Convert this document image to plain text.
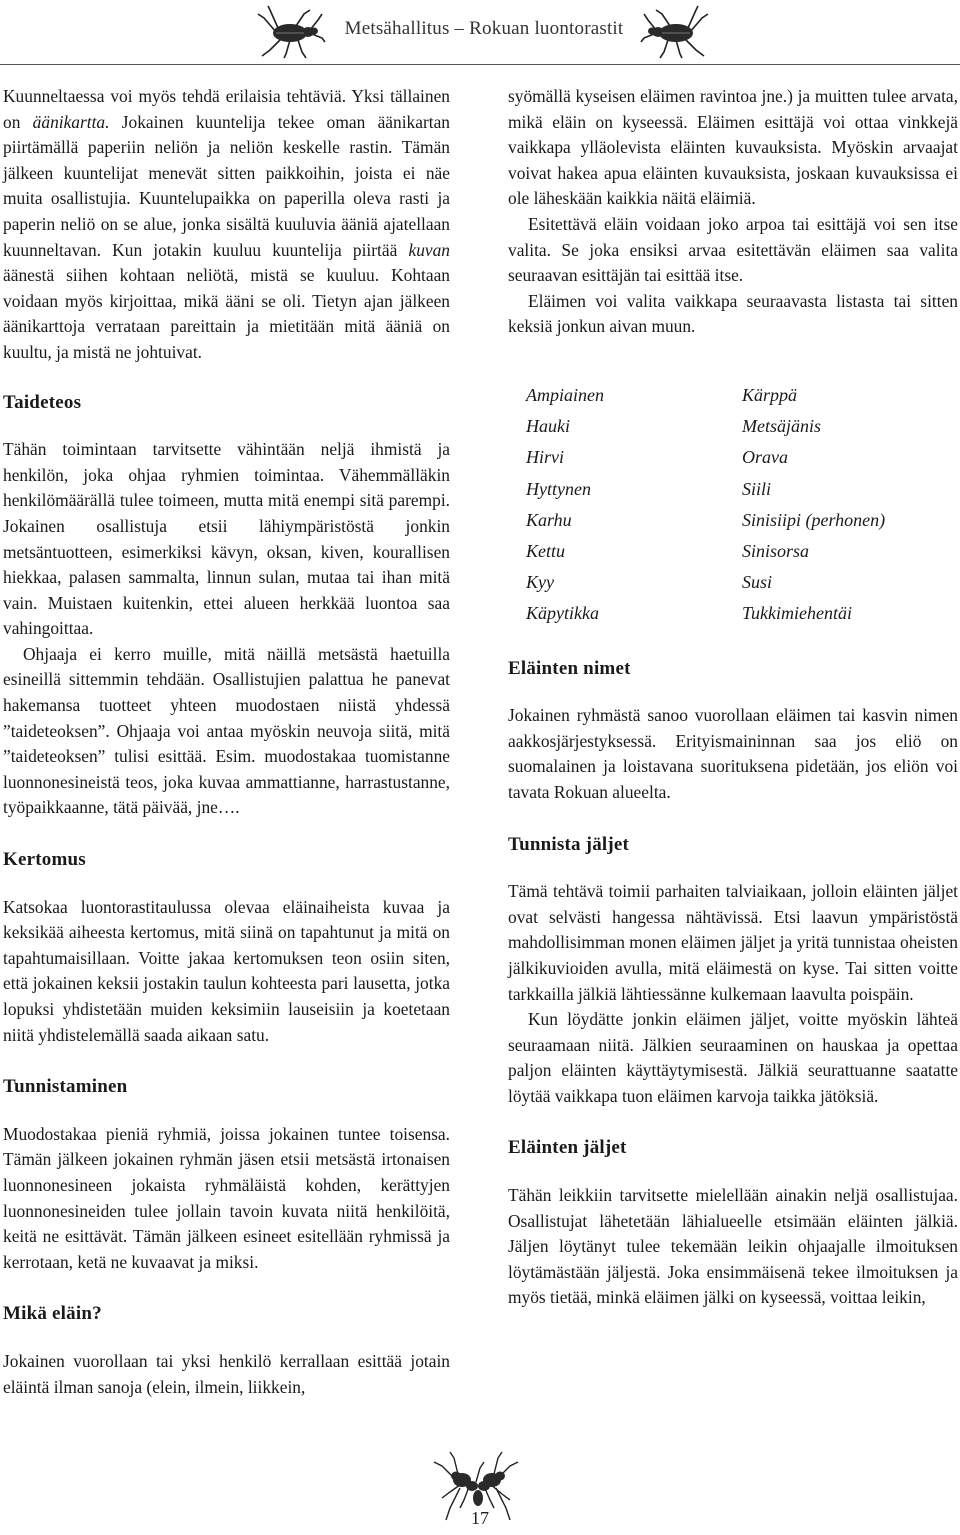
Metsähallitus – Rokuan luontorastit

Kuunneltaessa voi myös tehdä erilaisia tehtäviä. Yksi tällainen on äänikartta. Jokainen kuuntelija tekee oman äänikartan piirtämällä paperiin neliön ja neliön keskelle rastin. Tämän jälkeen kuuntelijat menevät sitten paikkoihin, joista ei näe muita osallistujia. Kuuntelupaikka on paperilla oleva rasti ja paperin neliö on se alue, jonka sisältä kuuluvia ääniä ajatellaan kuunneltavan. Kun jotakin kuuluu kuuntelija piirtää kuvan äänestä siihen kohtaan neliötä, mistä se kuuluu. Kohtaan voidaan myös kirjoittaa, mikä ääni se oli. Tietyn ajan jälkeen äänikarttoja verrataan pareittain ja mietitään mitä ääniä on kuultu, ja mistä ne johtuivat.

Taideteos

Tähän toimintaan tarvitsette vähintään neljä ihmistä ja henkilön, joka ohjaa ryhmien toimintaa. Vähemmälläkin henkilömäärällä tulee toimeen, mutta mitä enempi sitä parempi. Jokainen osallistuja etsii lähiympäristöstä jonkin metsäntuotteen, esimerkiksi kävyn, oksan, kiven, kourallisen hiekkaa, palasen sammalta, linnun sulan, mutaa tai ihan mitä vain. Muistaen kuitenkin, ettei alueen herkkää luontoa saa vahingoittaa.

Ohjaaja ei kerro muille, mitä näillä metsästä haetuilla esineillä sittemmin tehdään. Osallistujien palattua he panevat hakemansa tuotteet yhteen muodostaen niistä yhdessä ”taideteoksen”. Ohjaaja voi antaa myöskin neuvoja siitä, mitä ”taideteoksen” tulisi esittää. Esim. muodostakaa tuomistanne luonnonesineistä teos, joka kuvaa ammattianne, harrastustanne, työpaikkaanne, tätä päivää, jne….

Kertomus

Katsokaa luontorastitaulussa olevaa eläinaiheista kuvaa ja keksikää aiheesta kertomus, mitä siinä on tapahtunut ja mitä on tapahtumaisillaan. Voitte jakaa kertomuksen teon osiin siten, että jokainen keksii jostakin taulun kohteesta pari lausetta, jotka lopuksi yhdistetään muiden keksimiin lauseisiin ja koetetaan niitä yhdistelemällä saada aikaan satu.

Tunnistaminen

Muodostakaa pieniä ryhmiä, joissa jokainen tuntee toisensa. Tämän jälkeen jokainen ryhmän jäsen etsii metsästä irtonaisen luonnonesineen jokaista ryhmäläistä kohden, kerättyjen luonnonesineiden tulee jollain tavoin kuvata niitä henkilöitä, keitä ne esittävät. Tämän jälkeen esineet esitellään ryhmissä ja kerrotaan, ketä ne kuvaavat ja miksi.

Mikä eläin?

Jokainen vuorollaan tai yksi henkilö kerrallaan esittää jotain eläintä ilman sanoja (elein, ilmein, liikkein,

syömällä kyseisen eläimen ravintoa jne.) ja muitten tulee arvata, mikä eläin on kyseessä. Eläimen esittäjä voi ottaa vinkkejä vaikkapa ylläolevista eläinten kuvauksista. Myöskin arvaajat voivat hakea apua eläinten kuvauksista, joskaan kuvauksissa ei ole läheskään kaikkia näitä eläimiä.

Esitettävä eläin voidaan joko arpoa tai esittäjä voi sen itse valita. Se joka ensiksi arvaa esitettävän eläimen saa valita seuraavan esittäjän tai esittää itse.

Eläimen voi valita vaikkapa seuraavasta listasta tai sitten keksiä jonkun aivan muun.

Ampiainen
Hauki
Hirvi
Hyttynen
Karhu
Kettu
Kyy
Käpytikka
Kärppä
Metsäjänis
Orava
Siili
Sinisiipi (perhonen)
Sinisorsa
Susi
Tukkimiehentäi
Eläinten nimet

Jokainen ryhmästä sanoo vuorollaan eläimen tai kasvin nimen aakkosjärjestyksessä. Erityismaininnan saa jos eliö on suomalainen ja loistavana suorituksena pidetään, jos eliön voi tavata Rokuan alueelta.

Tunnista jäljet

Tämä tehtävä toimii parhaiten talviaikaan, jolloin eläinten jäljet ovat selvästi hangessa nähtävissä. Etsi laavun ympäristöstä mahdollisimman monen eläimen jäljet ja yritä tunnistaa oheisten jälkikuvioiden avulla, mitä eläimestä on kyse. Tai sitten voitte tarkkailla jälkiä lähtiessänne kulkemaan laavulta poispäin.

Kun löydätte jonkin eläimen jäljet, voitte myöskin lähteä seuraamaan niitä. Jälkien seuraaminen on hauskaa ja opettaa paljon eläinten käyttäytymisestä. Jälkiä seurattuanne saatatte löytää vaikkapa tuon eläimen karvoja taikka jätöksiä.

Eläinten jäljet

Tähän leikkiin tarvitsette mielellään ainakin neljä osallistujaa. Osallistujat lähetetään lähialueelle etsimään eläinten jälkiä. Jäljen löytänyt tulee tekemään leikin ohjaajalle ilmoituksen löytämästään jäljestä. Joka ensimmäisenä tekee ilmoituksen ja myös tietää, minkä eläimen jälki on kyseessä, voittaa leikin,

17
